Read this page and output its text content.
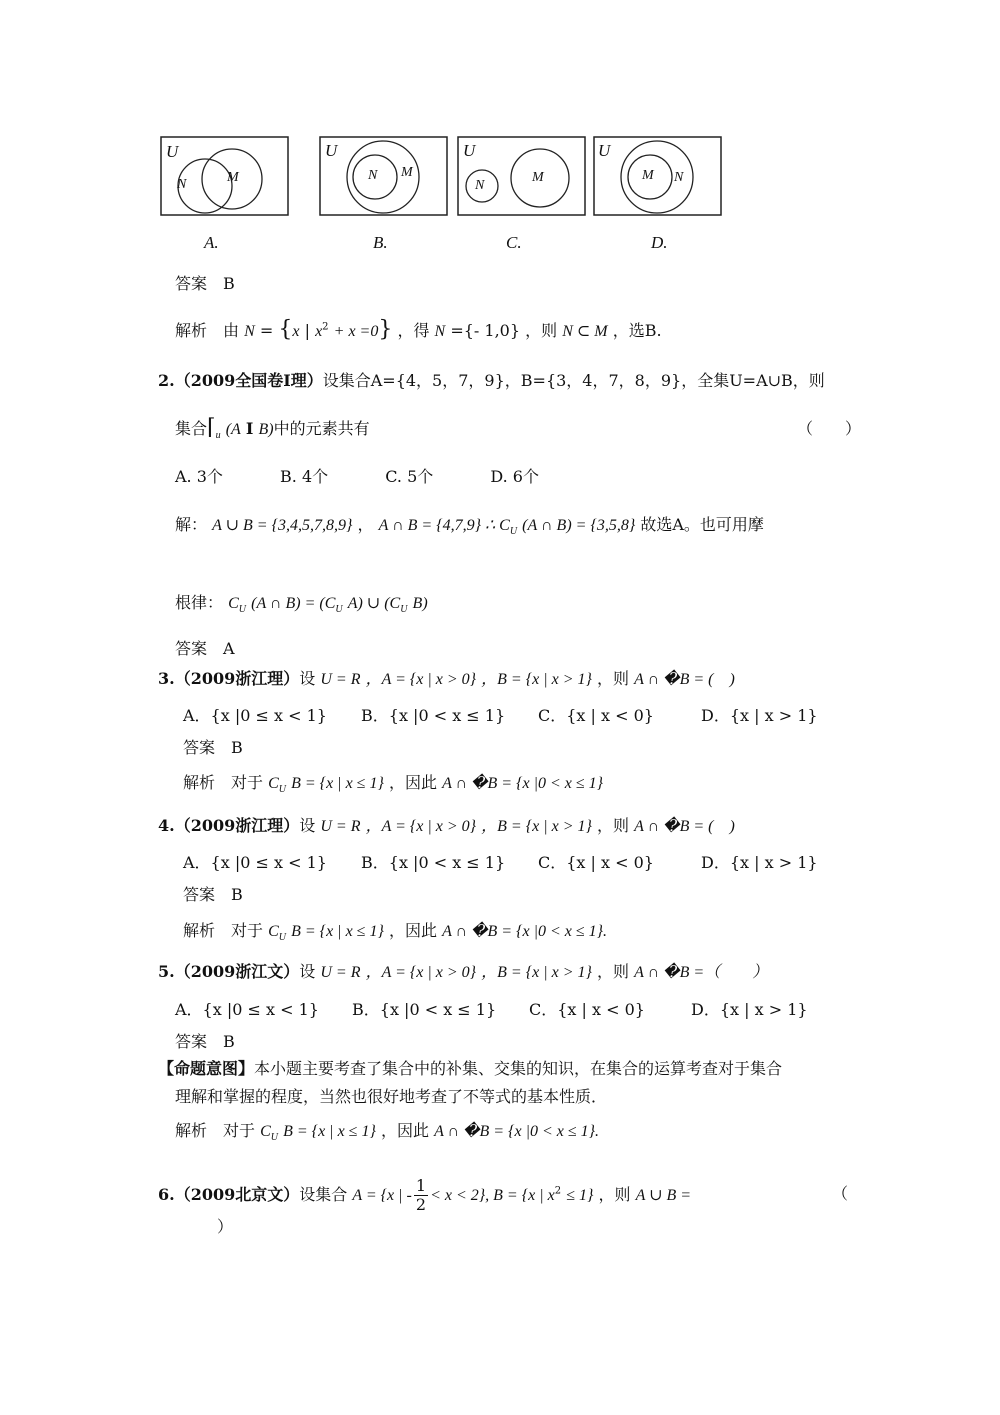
U
N	M
U
N M
U
N
M
U
M N
A.	B.	C.	D.
答案　B
解析　由 N = {x | $x^2 + x =0$} ，得 N ={- 1,0} ，则 N ⊂ M ，选B.
2.（2009全国卷Ⅰ理）设集合A={4，5，7，9}，B={3，4，7，8，9}，全集U=A∪B，则
集合$⌈_u$ (A I B)中的元素共有	（　　）
A. 3个	B. 4个	C. 5个	D. 6个
解： A ∪ B = {3,4,5,7,8,9} ， A ∩ B = {4,7,9} ∴ $C_U$ (A ∩ B) = {3,5,8} 故选A。也可用摩
根律： $C_U$ (A ∩ $B) = (C_U$ A) ∪ ($C_U$ B)
答案　A
3.（2009浙江理）设 U = R ，A = {x | x > 0} ，B = {x | x > 1} ，则 A ∩ �B = (　)
A．{x |0 ≤ x < 1} B．{x |0 < x ≤ 1} C．{x | x < 0}	D．{x | x > 1}
答案　B
解析　对于 $C_U$ B = {x | x ≤ 1} ，因此 A ∩ �B = {x |0 < x ≤ 1}
4.（2009浙江理）设 U = R ，A = {x | x > 0} ，B = {x | x > 1} ，则 A ∩ �B = (　)
A．{x |0 ≤ x < 1} B．{x |0 < x ≤ 1} C．{x | x < 0}	D．{x | x > 1}
答案　B
解析　对于 $C_U$ B = {x | x ≤ 1} ，因此 A ∩ �B = {x |0 < x ≤ 1}.
5.（2009浙江文）设 U = R ，A = {x | x > 0} ，B = {x | x > 1} ，则 A ∩ �B =（　　）
A．{x |0 ≤ x < 1} B．{x |0 < x ≤ 1} C．{x | x < 0}	D．{x | x > 1}
答案　B
【命题意图】本小题主要考查了集合中的补集、交集的知识，在集合的运算考查对于集合
理解和掌握的程度，当然也很好地考查了不等式的基本性质．
解析　对于 $C_U$ B = {x | x ≤ 1} ，因此 A ∩ �B = {x |0 < x ≤ 1}.
6.（2009北京文）设集合 A = {x | - $\frac{1}{2} < x < 2$}, B = {x | $x^2 \le 1$} ，则 A ∪ B =	（
）
